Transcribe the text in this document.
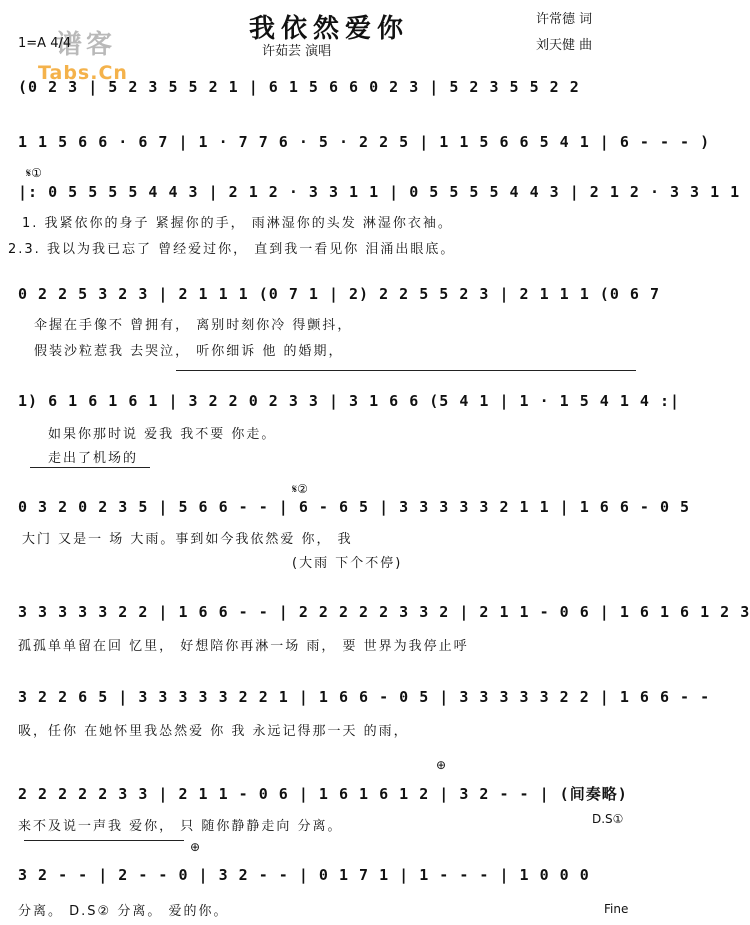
我依然爱你
谱客
Tabs.Cn
1=A 4/4
许茹芸 演唱
许常德 词
刘天健 曲
(0 2 3 | 5 2 3 5 5 2 1 | 6 1 5 6 6 0 2 3 | 5 2 3 5 5 2 2
1 1 5 6 6 · 6 7 | 1 · 7 7 6 · 5 · 2 2 5 | 1 1 5 6 6 5 4 1 | 6 - - - )
𝄋①
|: 0 5 5 5 5 4 4 3 | 2 1 2 · 3 3 1 1 | 0 5 5 5 5 4 4 3 | 2 1 2 · 3 3 1 1
1. 我紧依你的身子 紧握你的手， 雨淋湿你的头发 淋湿你衣袖。
2.3. 我以为我已忘了 曾经爱过你， 直到我一看见你 泪涌出眼底。
0 2 2 5 3 2 3 | 2 1 1 1 (0 7 1 | 2) 2 2 5 5 2 3 | 2 1 1 1 (0 6 7
伞握在手像不 曾拥有， 离别时刻你冷 得颤抖，
假装沙粒惹我 去哭泣， 听你细诉 他 的婚期，
1) 6 1 6 1 6 1 | 3 2 2 0 2 3 3 | 3 1 6 6 (5 4 1 | 1 · 1 5 4 1 4 :|
如果你那时说 爱我 我不要 你走。
走出了机场的
𝄋②
0 3 2 0 2 3 5 | 5 6 6 - - | 6 - 6 5 | 3 3 3 3 3 2 1 1 | 1 6 6 - 0 5
大门 又是一 场 大雨。事到如今我依然爱 你， 我
(大雨 下个不停)
3 3 3 3 3 2 2 | 1 6 6 - - | 2 2 2 2 2 3 3 2 | 2 1 1 - 0 6 | 1 6 1 6 1 2 3
孤孤单单留在回 忆里， 好想陪你再淋一场 雨， 要 世界为我停止呼
3 2 2 6 5 | 3 3 3 3 3 2 2 1 | 1 6 6 - 0 5 | 3 3 3 3 3 2 2 | 1 6 6 - -
吸，任你 在她怀里我怂然爱 你 我 永远记得那一天 的雨，
⊕
2 2 2 2 2 3 3 | 2 1 1 - 0 6 | 1 6 1 6 1 2 | 3 2 - - | (间奏略)
来不及说一声我 爱你， 只 随你静静走向 分离。	D.S①
⊕
3 2 - - | 2 - - 0 | 3 2 - - | 0 1 7 1 | 1 - - - | 1 0 0 0
分离。 D.S② 分离。 爱的你。	Fine
